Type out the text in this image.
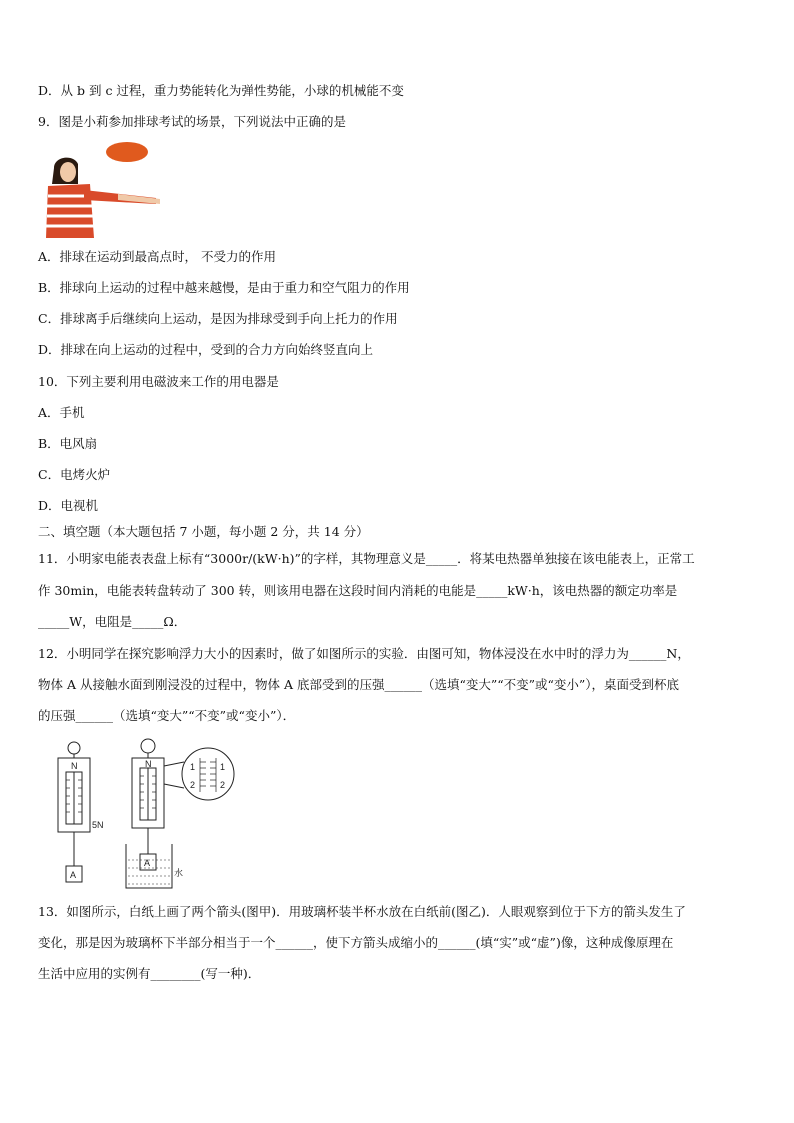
D．从 b 到 c 过程，重力势能转化为弹性势能，小球的机械能不变
9．图是小莉参加排球考试的场景，下列说法中正确的是
A．排球在运动到最高点时， 不受力的作用
B．排球向上运动的过程中越来越慢，是由于重力和空气阻力的作用
C．排球离手后继续向上运动，是因为排球受到手向上托力的作用
D．排球在向上运动的过程中，受到的合力方向始终竖直向上
10．下列主要利用电磁波来工作的用电器是
A．手机
B．电风扇
C．电烤火炉
D．电视机
二、填空题（本大题包括 7 小题，每小题 2 分，共 14 分）
11．小明家电能表表盘上标有“3000r/(kW·h)”的字样，其物理意义是_____．将某电热器单独接在该电能表上，正常工
作 30min，电能表转盘转动了 300 转，则该用电器在这段时间内消耗的电能是_____kW·h，该电热器的额定功率是
_____W，电阻是_____Ω．
12．小明同学在探究影响浮力大小的因素时，做了如图所示的实验．由图可知，物体浸没在水中时的浮力为______N，
物体 A 从接触水面到刚浸没的过程中，物体 A 底部受到的压强______（选填“变大”“不变”或“变小”），桌面受到杯底
的压强______（选填“变大”“不变”或“变小”）．
N
5N
A
N
A
水
1
2
1
2
13．如图所示，白纸上画了两个箭头(图甲)．用玻璃杯装半杯水放在白纸前(图乙)．人眼观察到位于下方的箭头发生了
变化，那是因为玻璃杯下半部分相当于一个______，使下方箭头成缩小的______(填“实”或“虚”)像，这种成像原理在
生活中应用的实例有________(写一种)．
